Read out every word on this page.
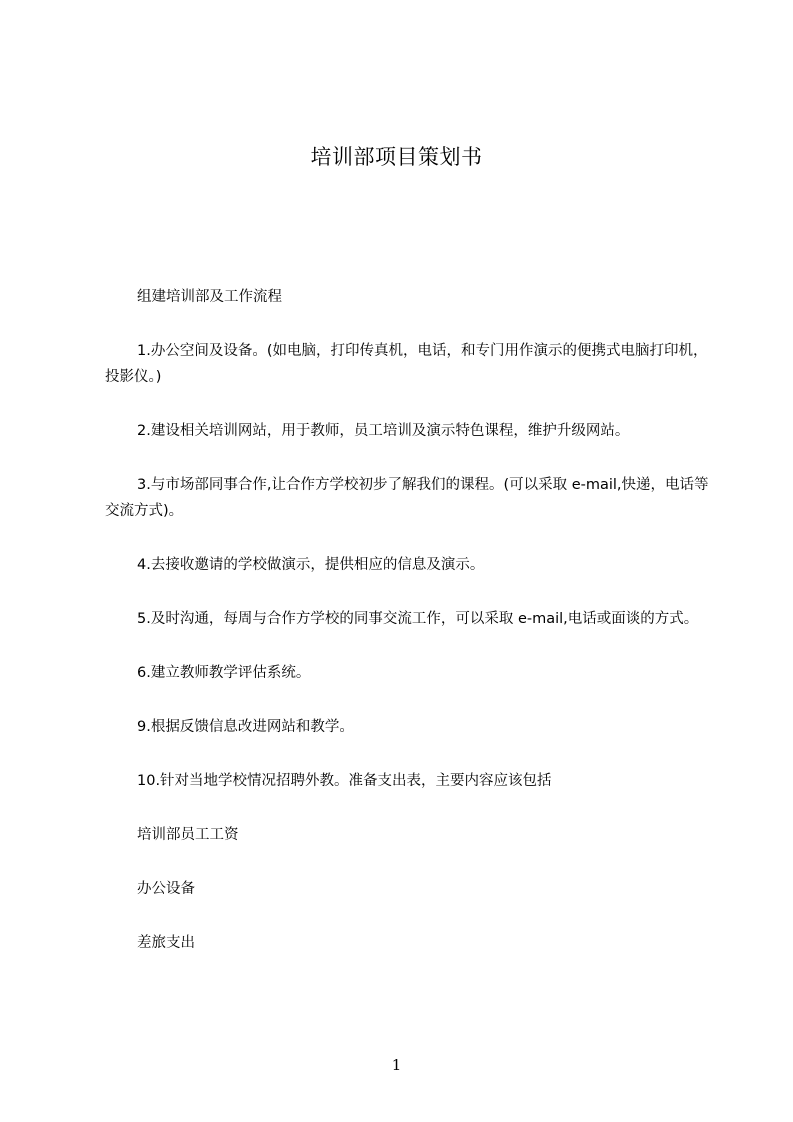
培训部项目策划书

组建培训部及工作流程

1.办公空间及设备。(如电脑，打印传真机，电话，和专门用作演示的便携式电脑打印机，投影仪。)

2.建设相关培训网站，用于教师，员工培训及演示特色课程，维护升级网站。

3.与市场部同事合作,让合作方学校初步了解我们的课程。(可以采取 e-mail,快递，电话等交流方式)。

4.去接收邀请的学校做演示，提供相应的信息及演示。

5.及时沟通，每周与合作方学校的同事交流工作，可以采取 e-mail,电话或面谈的方式。

6.建立教师教学评估系统。

9.根据反馈信息改进网站和教学。

10.针对当地学校情况招聘外教。准备支出表，主要内容应该包括

培训部员工工资

办公设备

差旅支出

1
